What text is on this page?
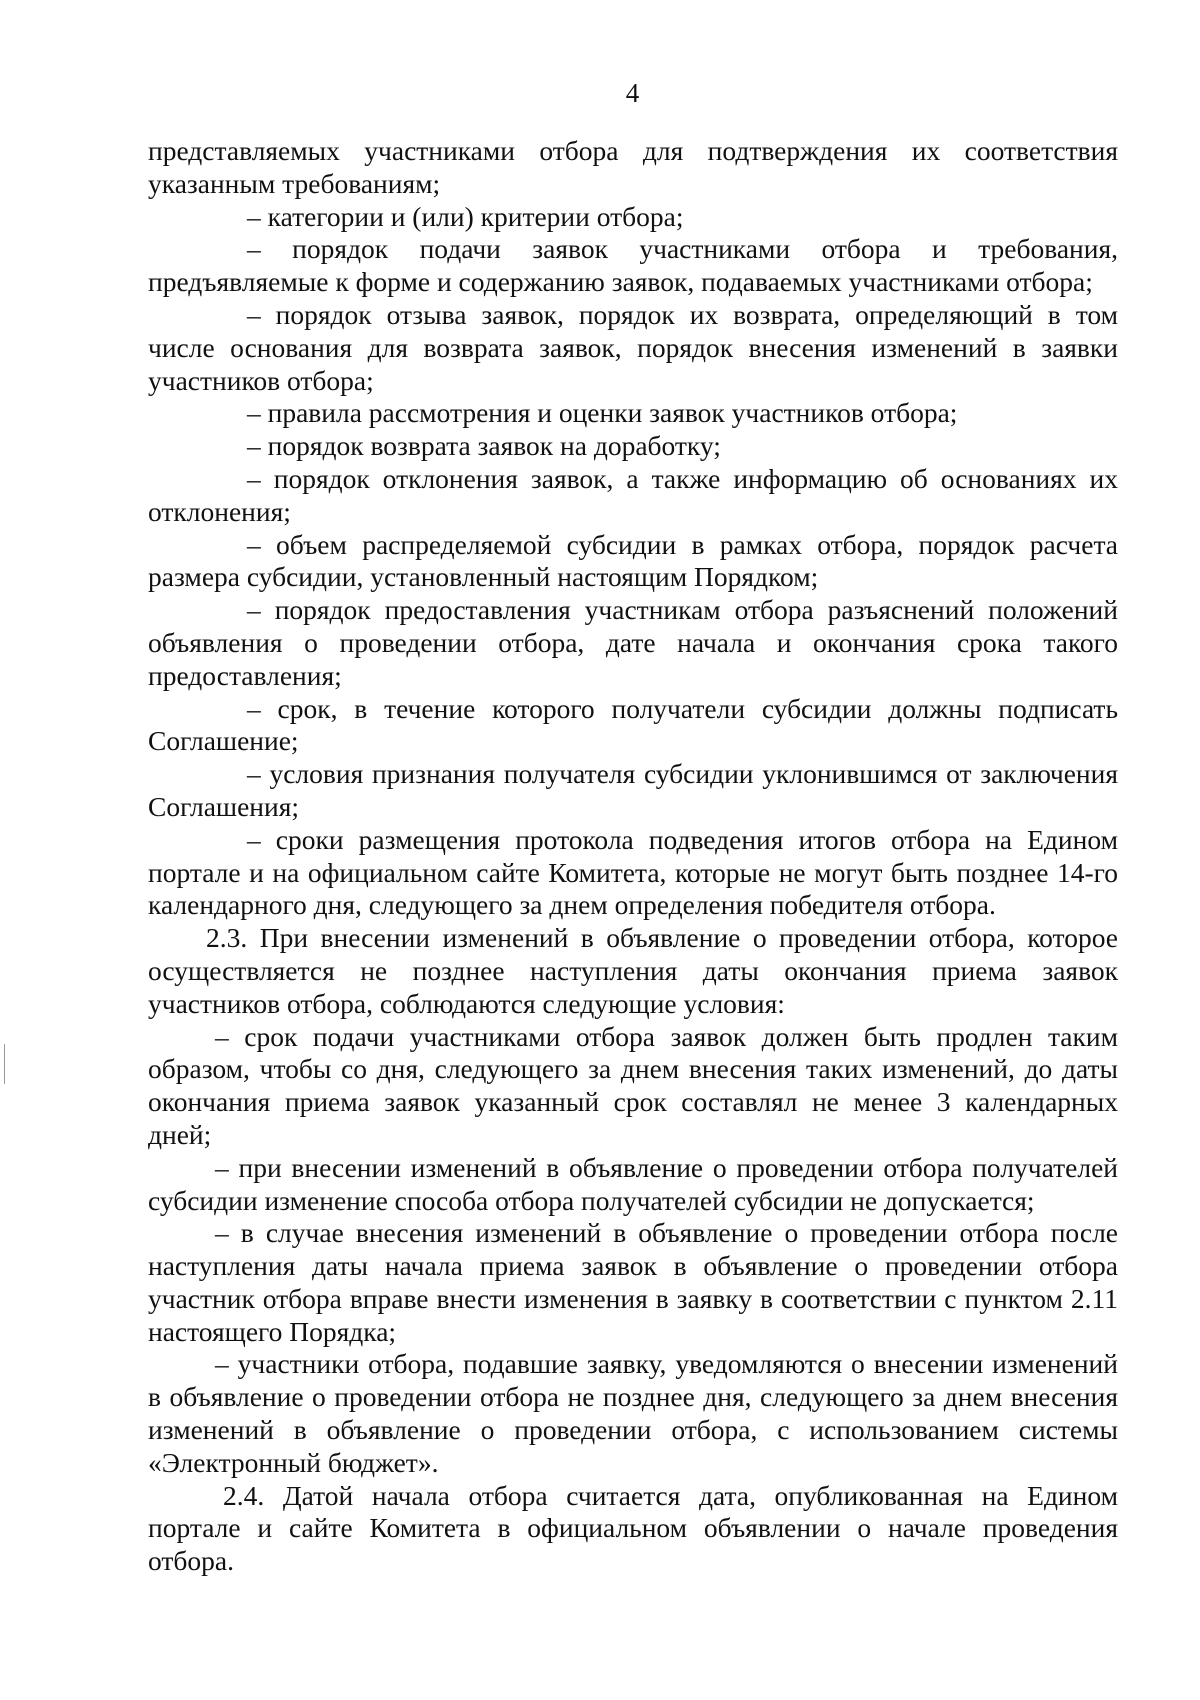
4

представляемых участниками отбора для подтверждения их соответствия указанным требованиям;

– категории и (или) критерии отбора;

– порядок подачи заявок участниками отбора и требования, предъявляемые к форме и содержанию заявок, подаваемых участниками отбора;

– порядок отзыва заявок, порядок их возврата, определяющий в том числе основания для возврата заявок, порядок внесения изменений в заявки участников отбора;

– правила рассмотрения и оценки заявок участников отбора;

– порядок возврата заявок на доработку;

– порядок отклонения заявок, а также информацию об основаниях их отклонения;

– объем распределяемой субсидии в рамках отбора, порядок расчета размера субсидии, установленный настоящим Порядком;

– порядок предоставления участникам отбора разъяснений положений объявления о проведении отбора, дате начала и окончания срока такого предоставления;

– срок, в течение которого получатели субсидии должны подписать Соглашение;

– условия признания получателя субсидии уклонившимся от заключения Соглашения;

– сроки размещения протокола подведения итогов отбора на Едином портале и на официальном сайте Комитета, которые не могут быть позднее 14-го календарного дня, следующего за днем определения победителя отбора.

2.3. При внесении изменений в объявление о проведении отбора, которое осуществляется не позднее наступления даты окончания приема заявок участников отбора, соблюдаются следующие условия:

– срок подачи участниками отбора заявок должен быть продлен таким образом, чтобы со дня, следующего за днем внесения таких изменений, до даты окончания приема заявок указанный срок составлял не менее 3 календарных дней;

– при внесении изменений в объявление о проведении отбора получателей субсидии изменение способа отбора получателей субсидии не допускается;

– в случае внесения изменений в объявление о проведении отбора после наступления даты начала приема заявок в объявление о проведении отбора участник отбора вправе внести изменения в заявку в соответствии с пунктом 2.11 настоящего Порядка;

– участники отбора, подавшие заявку, уведомляются о внесении изменений в объявление о проведении отбора не позднее дня, следующего за днем внесения изменений в объявление о проведении отбора, с использованием системы «Электронный бюджет».

2.4. Датой начала отбора считается дата, опубликованная на Едином портале и сайте Комитета в официальном объявлении о начале проведения отбора.
